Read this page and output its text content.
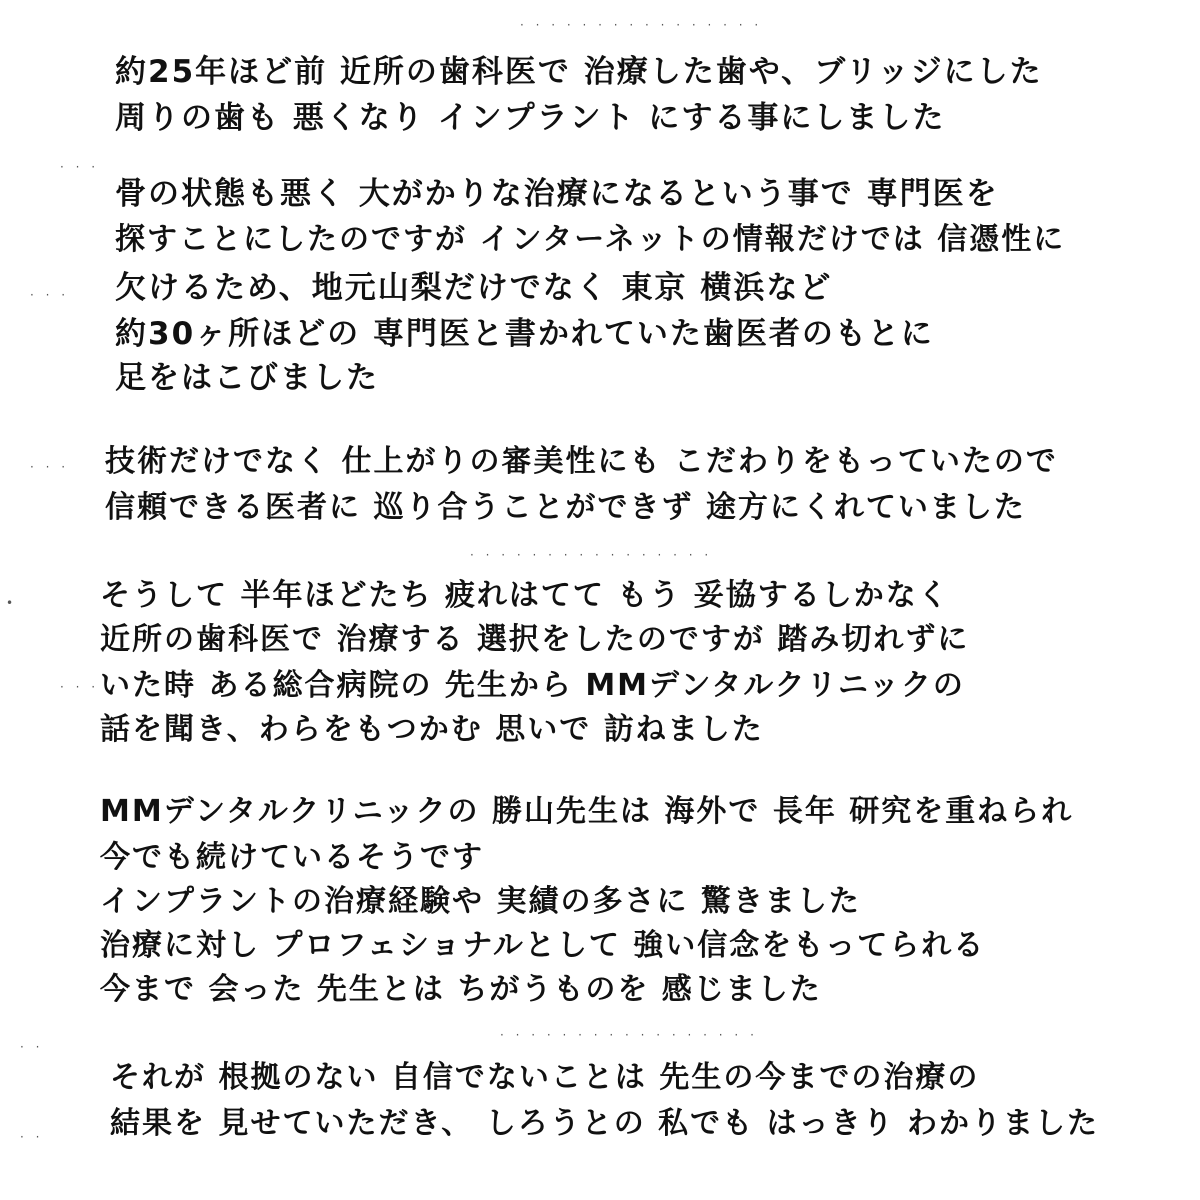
· · · · · · · · · · · · · · · ·
· · ·
· · ·
· · ·
· · · · · · · · · · · · · · · ·
•
· · ·
· · · · · · · · · · · · · · · · ·
· ·
· ·
約25年ほど前 近所の歯科医で 治療した歯や、ブリッジにした
周りの歯も 悪くなり インプラント にする事にしました
骨の状態も悪く 大がかりな治療になるという事で 専門医を
探すことにしたのですが インターネットの情報だけでは 信憑性に
欠けるため、地元山梨だけでなく 東京 横浜など
約30ヶ所ほどの 専門医と書かれていた歯医者のもとに
足をはこびました
技術だけでなく 仕上がりの審美性にも こだわりをもっていたので
信頼できる医者に 巡り合うことができず 途方にくれていました
そうして 半年ほどたち 疲れはてて もう 妥協するしかなく
近所の歯科医で 治療する 選択をしたのですが 踏み切れずに
いた時 ある総合病院の 先生から MMデンタルクリニックの
話を聞き、わらをもつかむ 思いで 訪ねました
MMデンタルクリニックの 勝山先生は 海外で 長年 研究を重ねられ
今でも続けているそうです
インプラントの治療経験や 実績の多さに 驚きました
治療に対し プロフェショナルとして 強い信念をもってられる
今まで 会った 先生とは ちがうものを 感じました
それが 根拠のない 自信でないことは 先生の今までの治療の
結果を 見せていただき、 しろうとの 私でも はっきり わかりました
